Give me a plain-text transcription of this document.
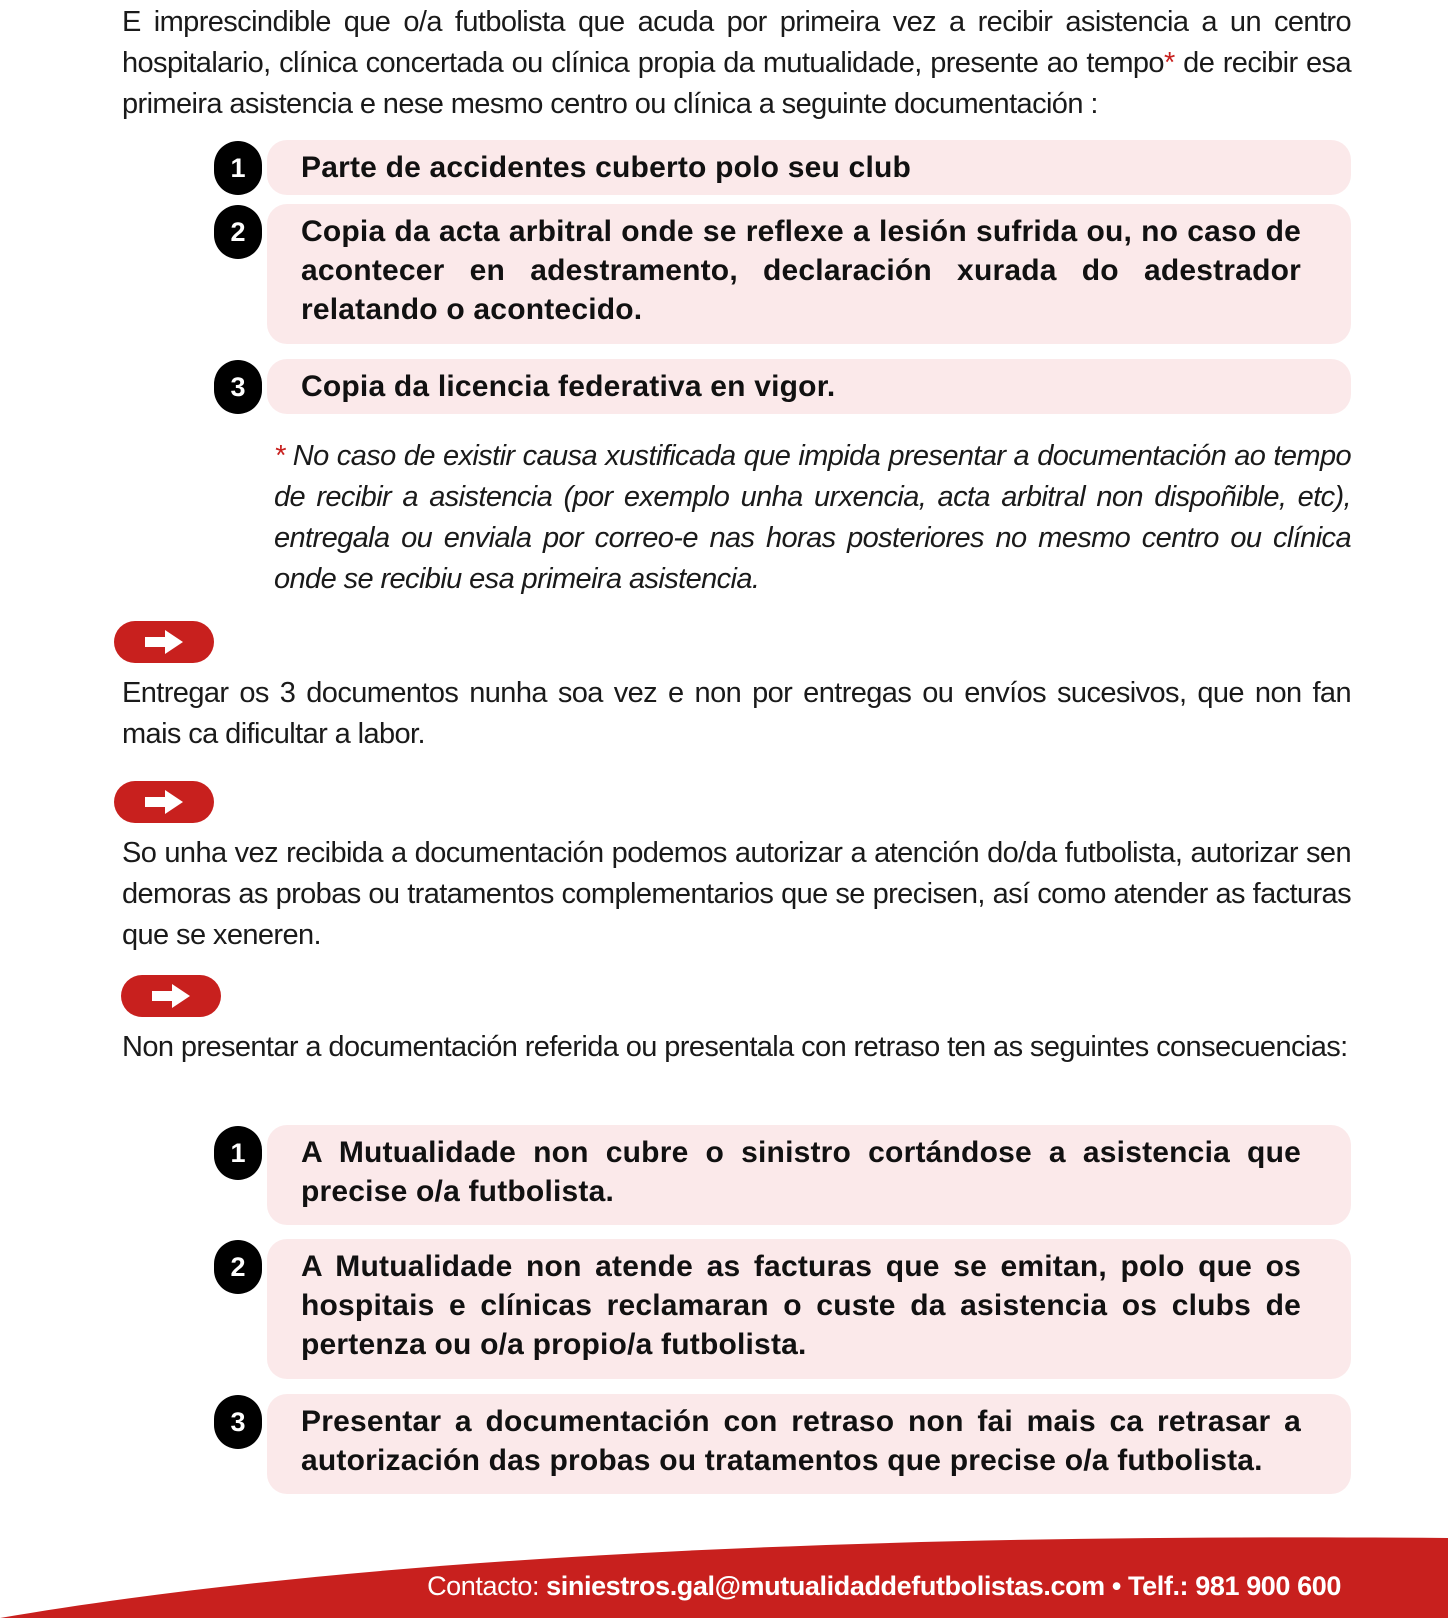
E imprescindible que o/a futbolista que acuda por primeira vez a recibir asistencia a un centro hospitalario, clínica concertada ou clínica propia da mutualidade, presente ao tempo* de recibir esa primeira asistencia e nese mesmo centro ou clínica a seguinte documentación :

1	Parte de accidentes cuberto polo seu club
2	Copia da acta arbitral onde se reflexe a lesión sufrida ou, no caso de acontecer en adestramento, declaración xurada do adestrador relatando o acontecido.
3	Copia da licencia federativa en vigor.

* No caso de existir causa xustificada que impida presentar a documentación ao tempo de recibir a asistencia (por exemplo unha urxencia, acta arbitral non dispoñible, etc), entregala ou enviala por correo-e nas horas posteriores no mesmo centro ou clínica onde se recibiu esa primeira asistencia.

Entregar os 3 documentos nunha soa vez e non por entregas ou envíos sucesivos, que non fan mais ca dificultar a labor.

So unha vez recibida a documentación podemos autorizar a atención do/da futbolista, autorizar sen demoras as probas ou tratamentos complementarios que se precisen, así como atender as facturas que se xeneren.

Non presentar a documentación referida ou presentala con retraso ten as seguintes consecuencias:

1	A Mutualidade non cubre o sinistro cortándose a asistencia que precise o/a futbolista.
2	A Mutualidade non atende as facturas que se emitan, polo que os hospitais e clínicas reclamaran o custe da asistencia os clubs de pertenza ou o/a propio/a futbolista.
3	Presentar a documentación con retraso non fai mais ca retrasar a autorización das probas ou tratamentos que precise o/a futbolista.
Contacto: siniestros.gal@mutualidaddefutbolistas.com • Telf.: 981 900 600
